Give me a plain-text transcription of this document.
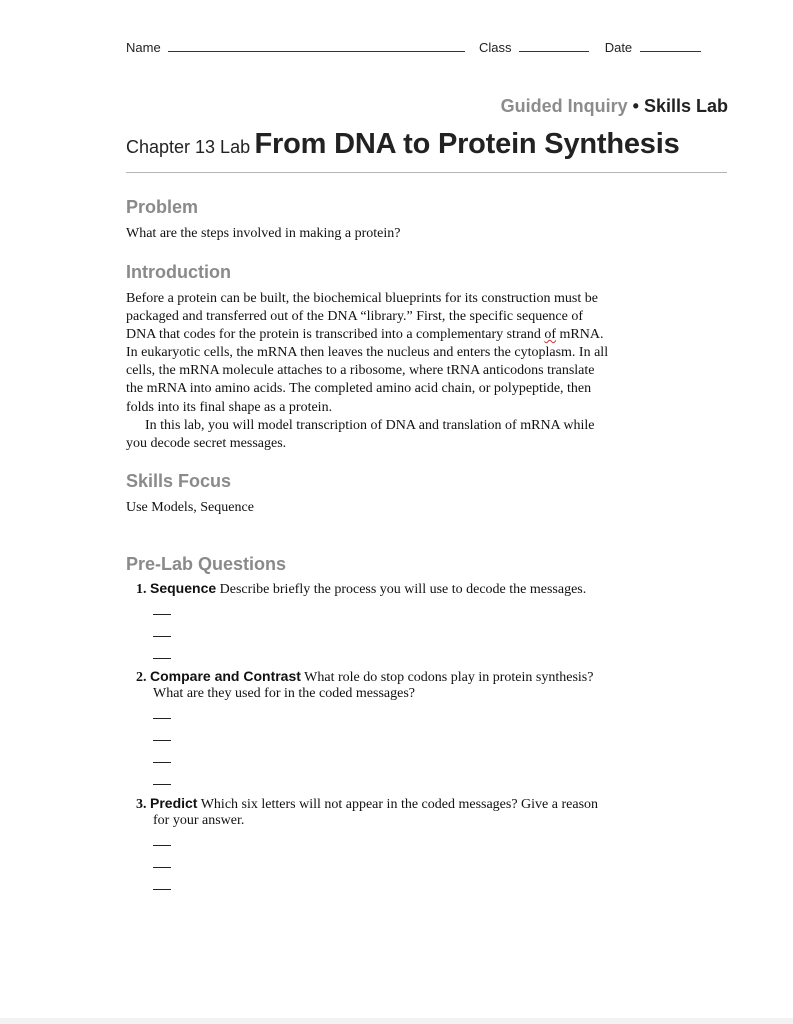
Name	Class	Date
Guided Inquiry • Skills Lab
Chapter 13 Lab From DNA to Protein Synthesis
Problem

What are the steps involved in making a protein?

Introduction
Before a protein can be built, the biochemical blueprints for its construction must be
packaged and transferred out of the DNA “library.” First, the specific sequence of
DNA that codes for the protein is transcribed into a complementary strand of mRNA.
In eukaryotic cells, the mRNA then leaves the nucleus and enters the cytoplasm. In all
cells, the mRNA molecule attaches to a ribosome, where tRNA anticodons translate
the mRNA into amino acids. The completed amino acid chain, or polypeptide, then
folds into its final shape as a protein.
In this lab, you will model transcription of DNA and translation of mRNA while
you decode secret messages.
Skills Focus

Use Models, Sequence

Pre-Lab Questions
1. Sequence Describe briefly the process you will use to decode the messages.
2. Compare and Contrast What role do stop codons play in protein synthesis?
What are they used for in the coded messages?
3. Predict Which six letters will not appear in the coded messages? Give a reason
for your answer.
